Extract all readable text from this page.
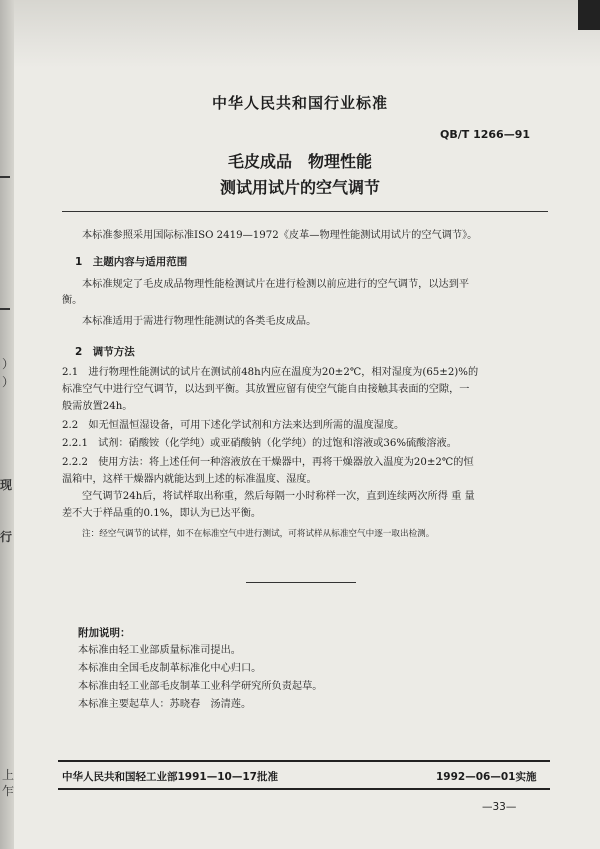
）
）
现
行
上
乍
中华人民共和国行业标准
QB/T 1266—91
毛皮成品　物理性能
测试用试片的空气调节
本标准参照采用国际标准ISO 2419—1972《皮革—物理性能测试用试片的空气调节》。
1　主题内容与适用范围
本标准规定了毛皮成品物理性能检测试片在进行检测以前应进行的空气调节，以达到平
衡。
本标准适用于需进行物理性能测试的各类毛皮成品。
2　调节方法
2.1　进行物理性能测试的试片在测试前48h内应在温度为20±2℃，相对湿度为(65±2)%的
标准空气中进行空气调节，以达到平衡。其放置应留有使空气能自由接触其表面的空隙，一
般需放置24h。
2.2　如无恒温恒湿设备，可用下述化学试剂和方法来达到所需的温度湿度。
2.2.1　试剂：硝酸铵（化学纯）或亚硝酸钠（化学纯）的过饱和溶液或36%硫酸溶液。
2.2.2　使用方法：将上述任何一种溶液放在干燥器中，再将干燥器放入温度为20±2℃的恒
温箱中，这样干燥器内就能达到上述的标准温度、湿度。
空气调节24h后，将试样取出称重，然后每隔一小时称样一次，直到连续两次所得 重 量
差不大于样品重的0.1%，即认为已达平衡。
注：经空气调节的试样，如不在标准空气中进行测试，可将试样从标准空气中逐一取出检测。
附加说明：
本标准由轻工业部质量标准司提出。
本标准由全国毛皮制革标准化中心归口。
本标准由轻工业部毛皮制革工业科学研究所负责起草。
本标准主要起草人：苏晓春　汤清莲。
中华人民共和国轻工业部1991—10—17批准	1992—06—01实施
—33—
